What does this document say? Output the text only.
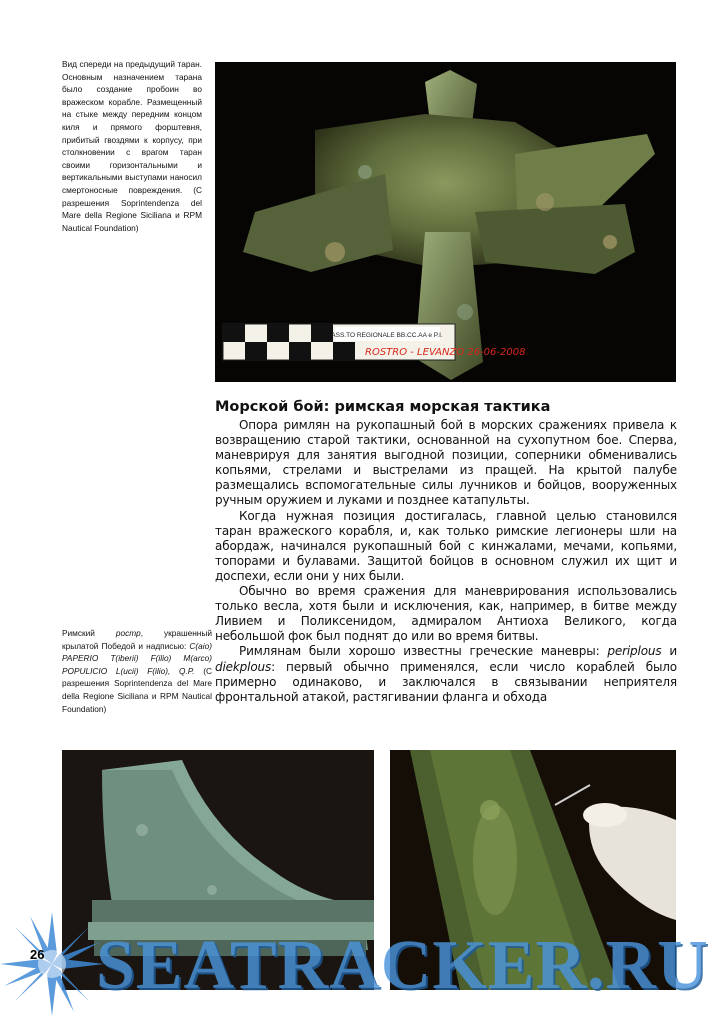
Вид спереди на предыдущий таран. Основным назначением тарана было создание пробоин во вражеском корабле. Размещенный на стыке между передним концом киля и прямого форштевня, прибитый гвоздями к корпусу, при столкновении с врагом таран своими горизонтальными и вертикальными выступами наносил смертоносные повреждения. (С разрешения Soprintendenza del Mare della Regione Siciliana и RPM Nautical Foundation)
ASS.TO REGIONALE BB.CC.AA e P.I.
ROSTRO - LEVANZO 26-06-2008
Морской бой: римская морская тактика

Опора римлян на рукопашный бой в морских сражениях привела к возвращению старой тактики, основанной на сухопутном бое. Сперва, маневрируя для занятия выгодной позиции, соперники обменивались копьями, стрелами и выстрелами из пращей. На крытой палубе размещались вспомогательные силы лучников и бойцов, вооруженных ручным оружием и луками и позднее катапульты.

Когда нужная позиция достигалась, главной целью становился таран вражеского корабля, и, как только римские легионеры шли на абордаж, начинался рукопашный бой с кинжалами, мечами, копьями, топорами и булавами. Защитой бойцов в основном служил их щит и доспехи, если они у них были.

Обычно во время сражения для маневрирования использовались только весла, хотя были и исключения, как, например, в битве между Ливием и Поликсенидом, адмиралом Антиоха Великого, когда небольшой фок был поднят до или во время битвы.

Римлянам были хорошо известны греческие маневры: periplous и diekplous: первый обычно применялся, если число кораблей было примерно одинаково, и заключался в связывании неприятеля фронтальной атакой, растягивании фланга и обхода

Римский ростр, украшенный крылатой Победой и надписью: C(aio) PAPERIO T(iberii) F(ilio) M(arco) POPULICIO L(ucii) F(ilio), Q.P. (С разрешения Soprintendenza del Mare della Regione Siciliana и RPM Nautical Foundation)
26 SEATRACKER.RU
